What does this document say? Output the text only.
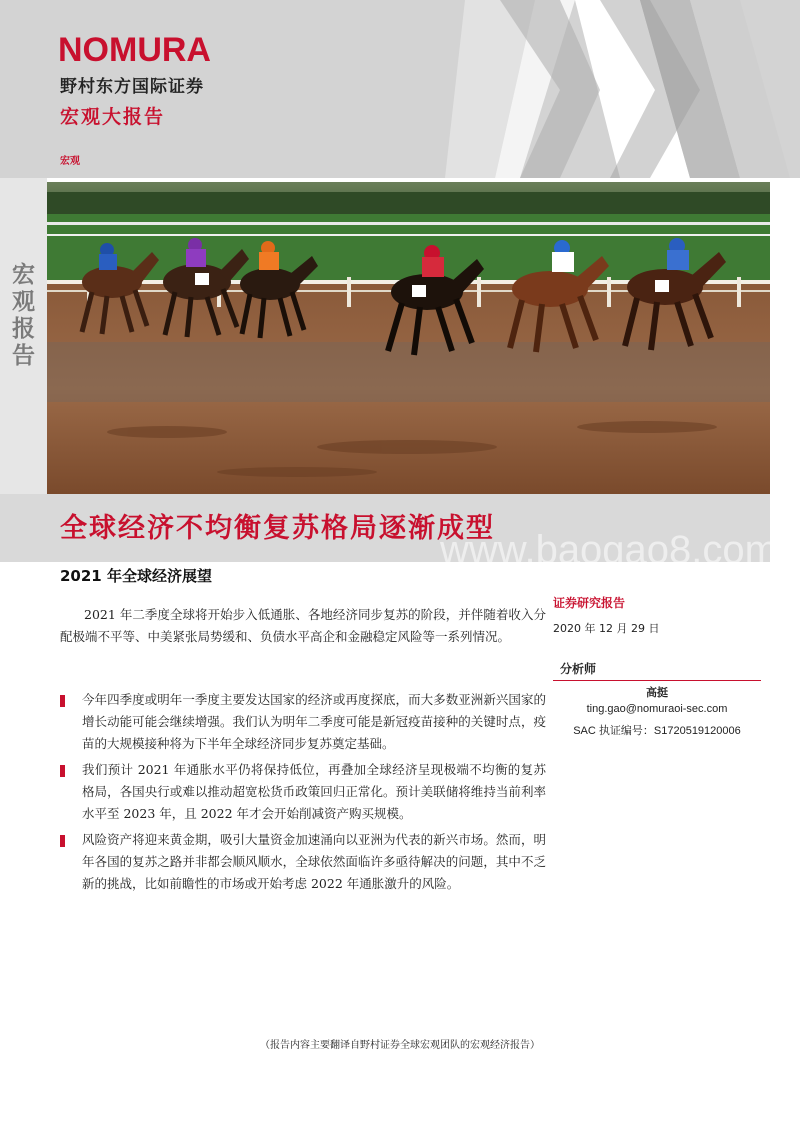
NOMURA
野村东方国际证券
宏观大报告
宏观
宏观报告
全球经济不均衡复苏格局逐渐成型
www.baogao8.com
2021 年全球经济展望
2021 年二季度全球将开始步入低通胀、各地经济同步复苏的阶段，并伴随着收入分配极端不平等、中美紧张局势缓和、负债水平高企和金融稳定风险等一系列情况。
今年四季度或明年一季度主要发达国家的经济或再度探底，而大多数亚洲新兴国家的增长动能可能会继续增强。我们认为明年二季度可能是新冠疫苗接种的关键时点，疫苗的大规模接种将为下半年全球经济同步复苏奠定基础。
我们预计 2021 年通胀水平仍将保持低位，再叠加全球经济呈现极端不均衡的复苏格局，各国央行或难以推动超宽松货币政策回归正常化。预计美联储将维持当前利率水平至 2023 年，且 2022 年才会开始削减资产购买规模。
风险资产将迎来黄金期，吸引大量资金加速涌向以亚洲为代表的新兴市场。然而，明年各国的复苏之路并非都会顺风顺水，全球依然面临许多亟待解决的问题，其中不乏新的挑战，比如前瞻性的市场或开始考虑 2022 年通胀激升的风险。
证券研究报告
2020 年 12 月 29 日
分析师
高挺
ting.gao@nomuraoi-sec.com
SAC 执证编号：S1720519120006
（报告内容主要翻译自野村证券全球宏观团队的宏观经济报告）
